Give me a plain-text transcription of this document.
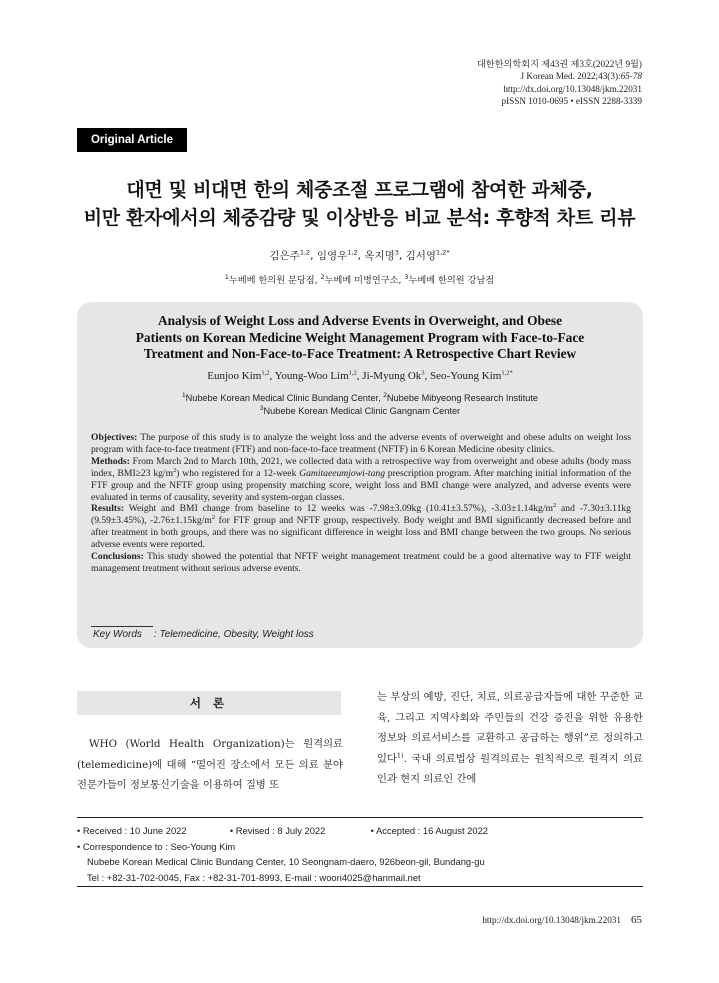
대한한의학회지 제43권 제3호(2022년 9월)
J Korean Med. 2022;43(3):65-78
http://dx.doi.org/10.13048/jkm.22031
pISSN 1010-0695 • eISSN 2288-3339
Original Article
대면 및 비대면 한의 체중조절 프로그램에 참여한 과체중,
비만 환자에서의 체중감량 및 이상반응 비교 분석: 후향적 차트 리뷰
김은주$^{1,2}$, 임영우$^{1,2}$, 옥지명$^3$, 김서영$^{1,2*}$
$^1$누베베 한의원 분당점, $^2$누베베 미병연구소, $^3$누베베 한의원 강남점
Analysis of Weight Loss and Adverse Events in Overweight, and Obese
Patients on Korean Medicine Weight Management Program with Face-to-Face
Treatment and Non-Face-to-Face Treatment: A Retrospective Chart Review
Eunjoo Kim$^{1,2}$, Young-Woo Lim$^{1,2}$, Ji-Myung Ok$^3$, Seo-Young Kim$^{1,2*}$
$^1$Nubebe Korean Medical Clinic Bundang Center, $^2$Nubebe Mibyeong Research Institute
$^3$Nubebe Korean Medical Clinic Gangnam Center

Objectives: The purpose of this study is to analyze the weight loss and the adverse events of overweight and obese adults on weight loss program with face-to-face treatment (FTF) and non-face-to-face treatment (NFTF) in 6 Korean Medicine obesity clinics.

Methods: From March 2nd to March 10th, 2021, we collected data with a retrospective way from overweight and obese adults (body mass index, BMI≥23 $kg/m^2$) who registered for a 12-week Gamitaeeumjowi-tang prescription program. After matching initial information of the FTF group and the NFTF group using propensity matching score, weight loss and BMI change were analyzed, and adverse events were evaluated in terms of causality, severity and system-organ classes.

Results: Weight and BMI change from baseline to 12 weeks was -7.98±3.09kg (10.41±3.57%), $-3.03\pm 1.14kg/m^2$ and -7.30±3.11kg (9.59±3.45%), $-2.76\pm 1.15kg/m^2$ for FTF group and NFTF group, respectively. Body weight and BMI significantly decreased before and after treatment in both groups, and there was no significant difference in weight loss and BMI change between the two groups. No serious adverse events were reported.

Conclusions: This study showed the potential that NFTF weight management treatment could be a good alternative way to FTF weight management treatment without serious adverse events.

Key Words : Telemedicine, Obesity, Weight loss
서 론

WHO (World Health Organization)는 원격의료(telemedicine)에 대해 “떨어진 장소에서 모든 의료 분야 전문가들이 정보통신기술을 이용하여 질병 또

는 부상의 예방, 진단, 치료, 의료공급자들에 대한 꾸준한 교육, 그리고 지역사회와 주민들의 건강 증진을 위한 유용한 정보와 의료서비스를 교환하고 공급하는 행위”로 정의하고 있다$^{1)}$. 국내 의료법상 원격의료는 원칙적으로 원격지 의료인과 현지 의료인 간에
• Received : 10 June 2022	• Revised : 8 July 2022	• Accepted : 16 August 2022
• Correspondence to : Seo-Young Kim
Nubebe Korean Medical Clinic Bundang Center, 10 Seongnam-daero, 926beon-gil, Bundang-gu
Tel : +82-31-702-0045, Fax : +82-31-701-8993, E-mail : woori4025@hanmail.net
http://dx.doi.org/10.13048/jkm.22031 65
